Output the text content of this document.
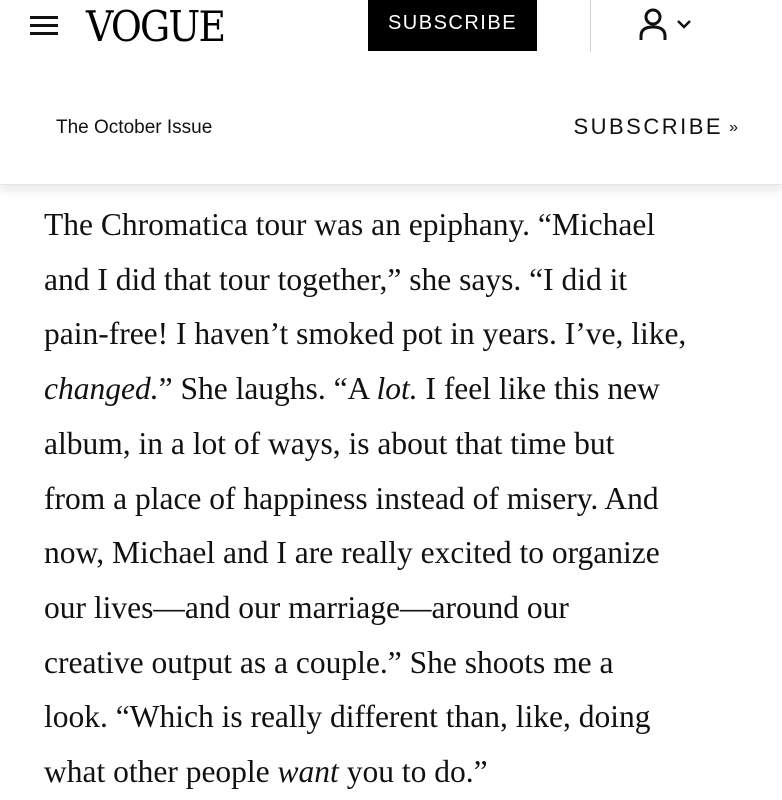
VOGUE	SUBSCRIBE
The October Issue	SUBSCRIBE »
The Chromatica tour was an epiphany. “Michael
and I did that tour together,” she says. “I did it
pain-free! I haven’t smoked pot in years. I’ve, like,
changed.” She laughs. “A lot. I feel like this new
album, in a lot of ways, is about that time but
from a place of happiness instead of misery. And
now, Michael and I are really excited to organize
our lives—and our marriage—around our
creative output as a couple.” She shoots me a
look. “Which is really different than, like, doing
what other people want you to do.”
